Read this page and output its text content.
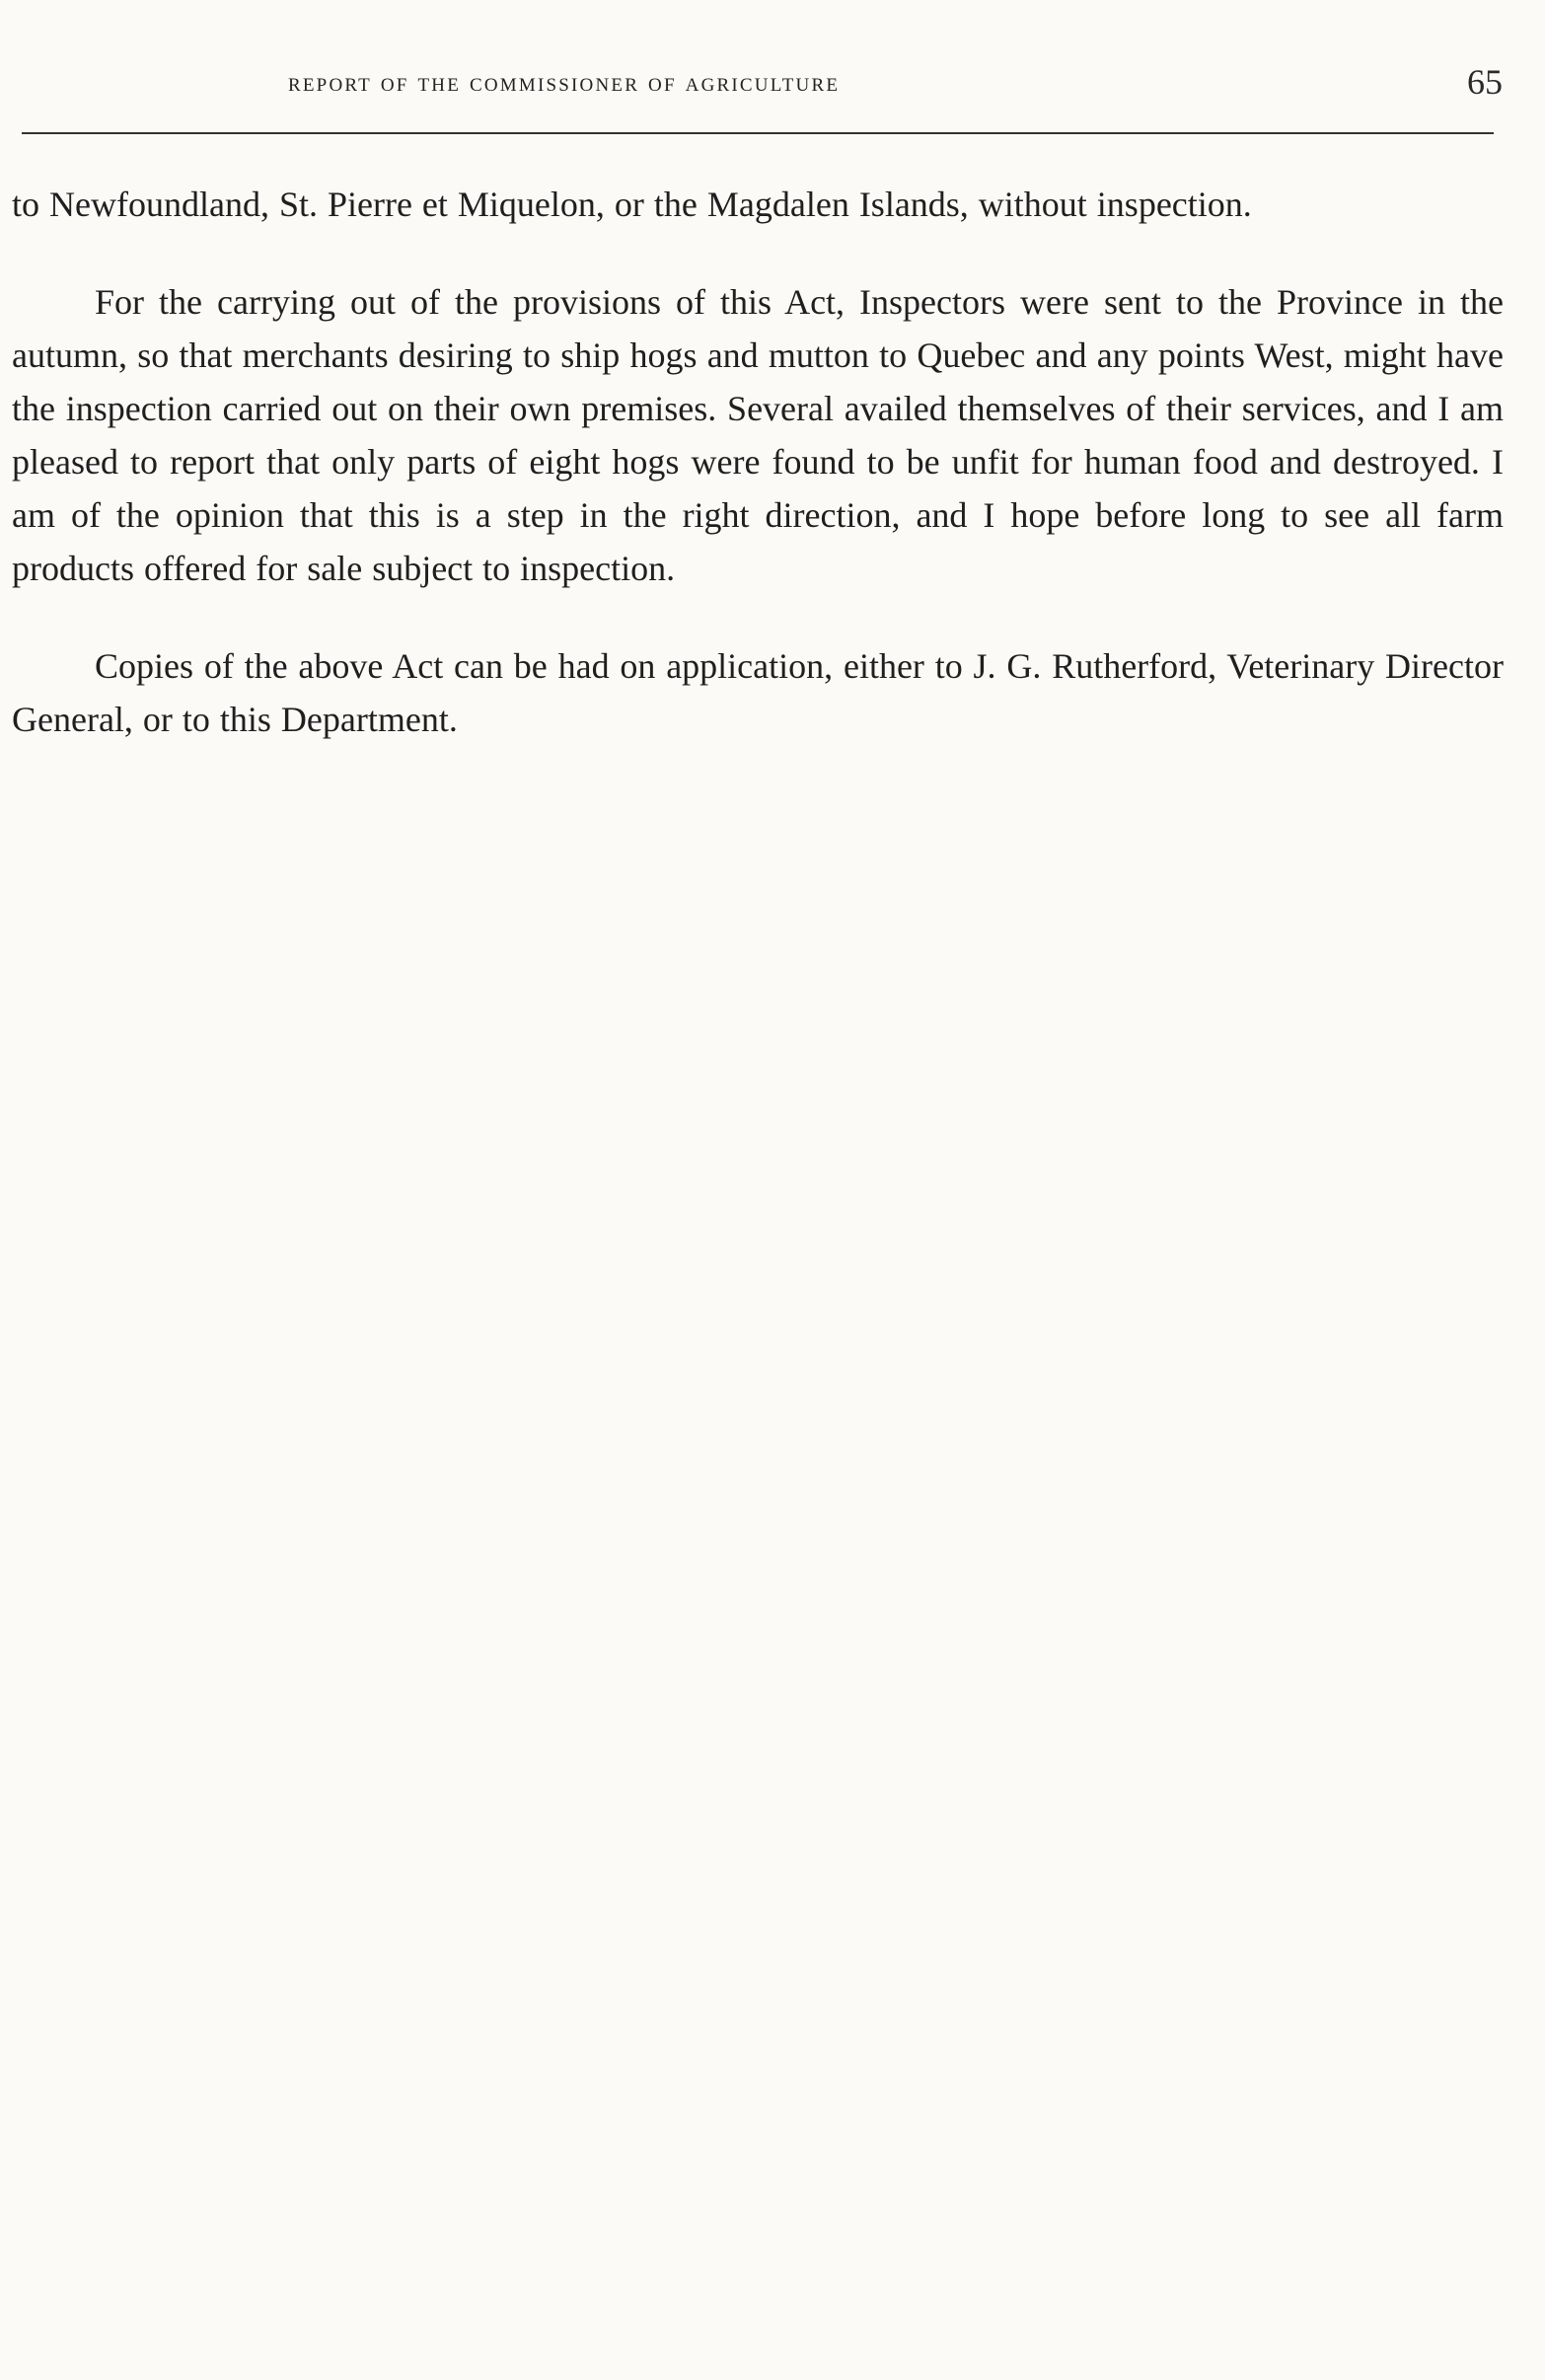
report of the commissioner of agriculture	65

to Newfoundland, St. Pierre et Miquelon, or the Magdalen Islands, without inspection.

For the carrying out of the provisions of this Act, Inspectors were sent to the Province in the autumn, so that merchants desiring to ship hogs and mutton to Quebec and any points West, might have the inspection carried out on their own premises. Several availed themselves of their services, and I am pleased to report that only parts of eight hogs were found to be unfit for human food and destroyed. I am of the opinion that this is a step in the right direction, and I hope before long to see all farm products offered for sale subject to inspection.

Copies of the above Act can be had on application, either to J. G. Rutherford, Veterinary Director General, or to this Department.
